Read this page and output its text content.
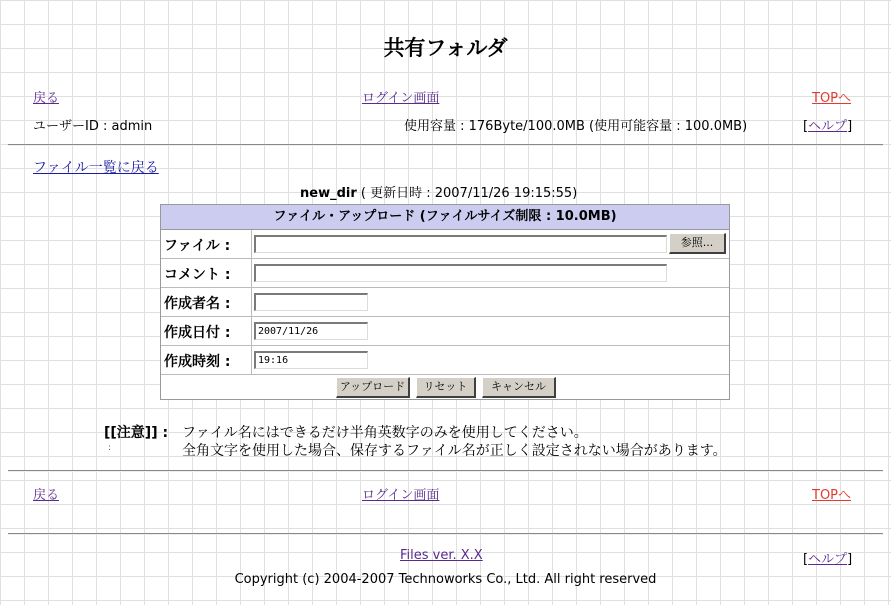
共有フォルダ
戻る	ログイン画面	TOPへ
ユーザーID : admin	使用容量 : 176Byte/100.0MB (使用可能容量 : 100.0MB)	[ヘルプ]
ファイル一覧に戻る
new_dir ( 更新日時 : 2007/11/26 19:15:55)
ファイル・アップロード (ファイルサイズ制限 : 10.0MB)
ファイル :	参照...
コメント :
作成者名 :
作成日付 :	2007/11/26
作成時刻 :	19:16
アップロード	リセット	キャンセル
[[注意]] :
:
ファイル名にはできるだけ半角英数字のみを使用してください。
全角文字を使用した場合、保存するファイル名が正しく設定されない場合があります。
戻る	ログイン画面	TOPへ
Files ver. X.X	[ヘルプ]
Copyright (c) 2004-2007 Technoworks Co., Ltd. All right reserved
